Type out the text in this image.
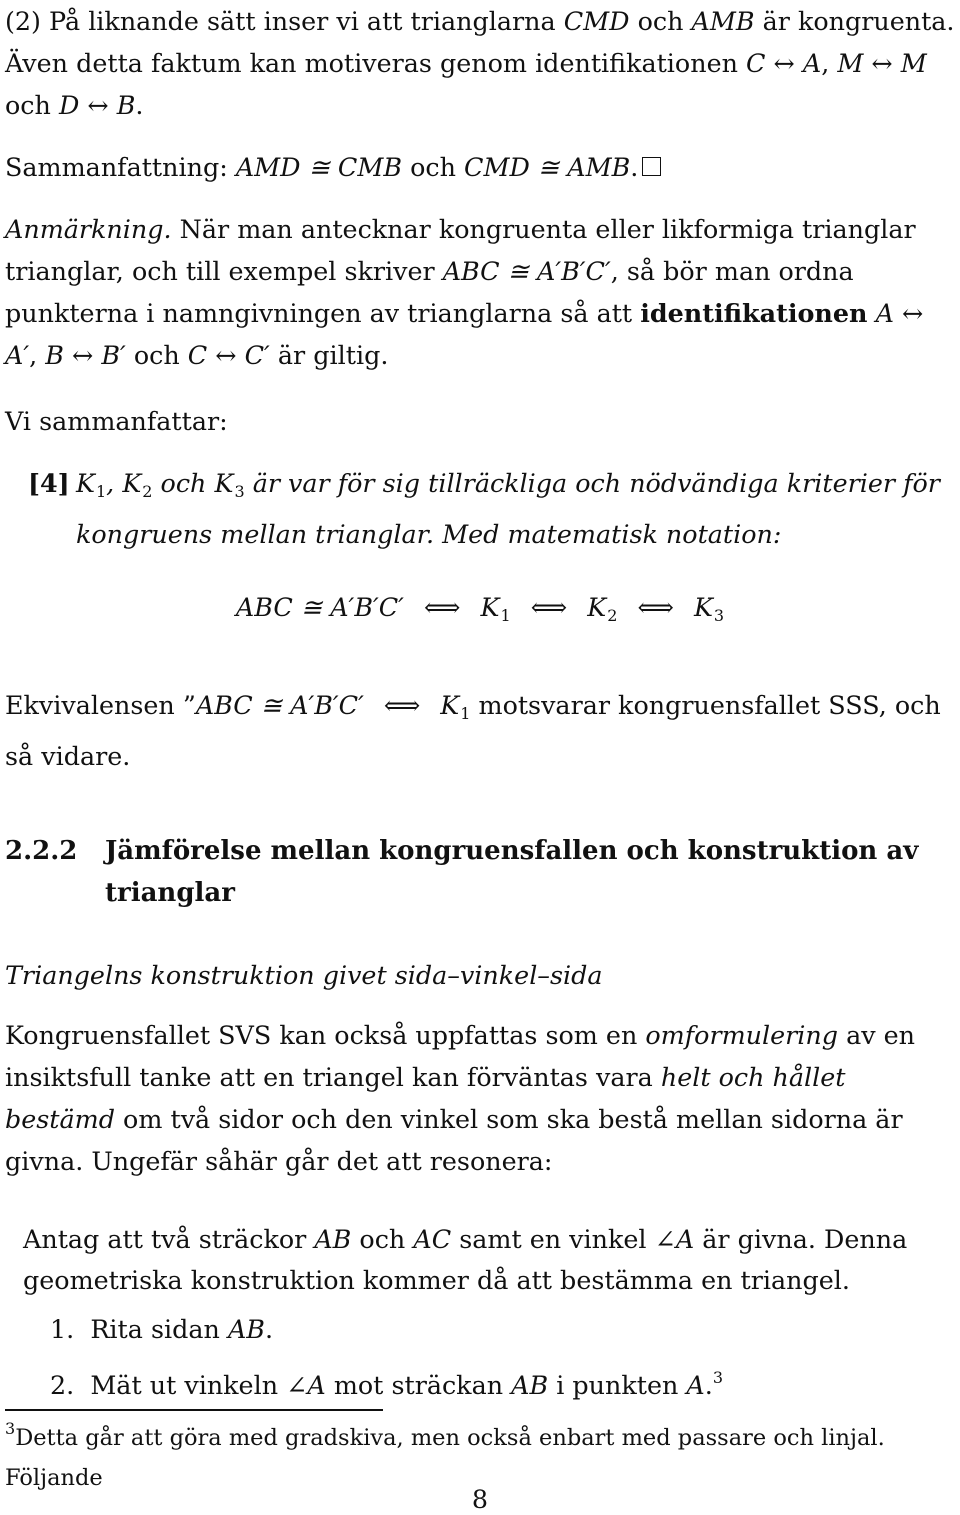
(2) På liknande sätt inser vi att trianglarna CMD och AMB är kongruenta. Även detta faktum kan motiveras genom identifikationen C ↔ A, M ↔ M och D ↔ B.
Sammanfattning: AMD ≅ CMB och CMD ≅ AMB.
Anmärkning. När man antecknar kongruenta eller likformiga trianglar trianglar, och till exempel skriver ABC ≅ A′B′C′, så bör man ordna punkterna i namngivningen av trianglarna så att identifikationen A ↔ A′, B ↔ B′ och C ↔ C′ är giltig.
Vi sammanfattar:
[4] $K_1$, $K_2$ och $K_3$ är var för sig tillräckliga och nödvändiga kriterier för kongruens mellan trianglar. Med matematisk notation:
ABC ≅ A′B′C′ ⟺ $K_1$ ⟺ $K_2$ ⟺ $K_3$
Ekvivalensen ”ABC ≅ A′B′C′ ⟺ $K_1$ motsvarar kongruensfallet SSS, och så vidare.
2.2.2 Jämförelse mellan kongruensfallen och konstruktion av trianglar
Triangelns konstruktion givet sida–vinkel–sida
Kongruensfallet SVS kan också uppfattas som en omformulering av en insiktsfull tanke att en triangel kan förväntas vara helt och hållet bestämd om två sidor och den vinkel som ska bestå mellan sidorna är givna. Ungefär såhär går det att resonera:
Antag att två sträckor AB och AC samt en vinkel ∠A är givna. Denna geometriska konstruktion kommer då att bestämma en triangel.
1. Rita sidan AB.
2. Mät ut vinkeln ∠A mot sträckan AB i punkten A.$^3$
$^3$Detta går att göra med gradskiva, men också enbart med passare och linjal. Följande
8
